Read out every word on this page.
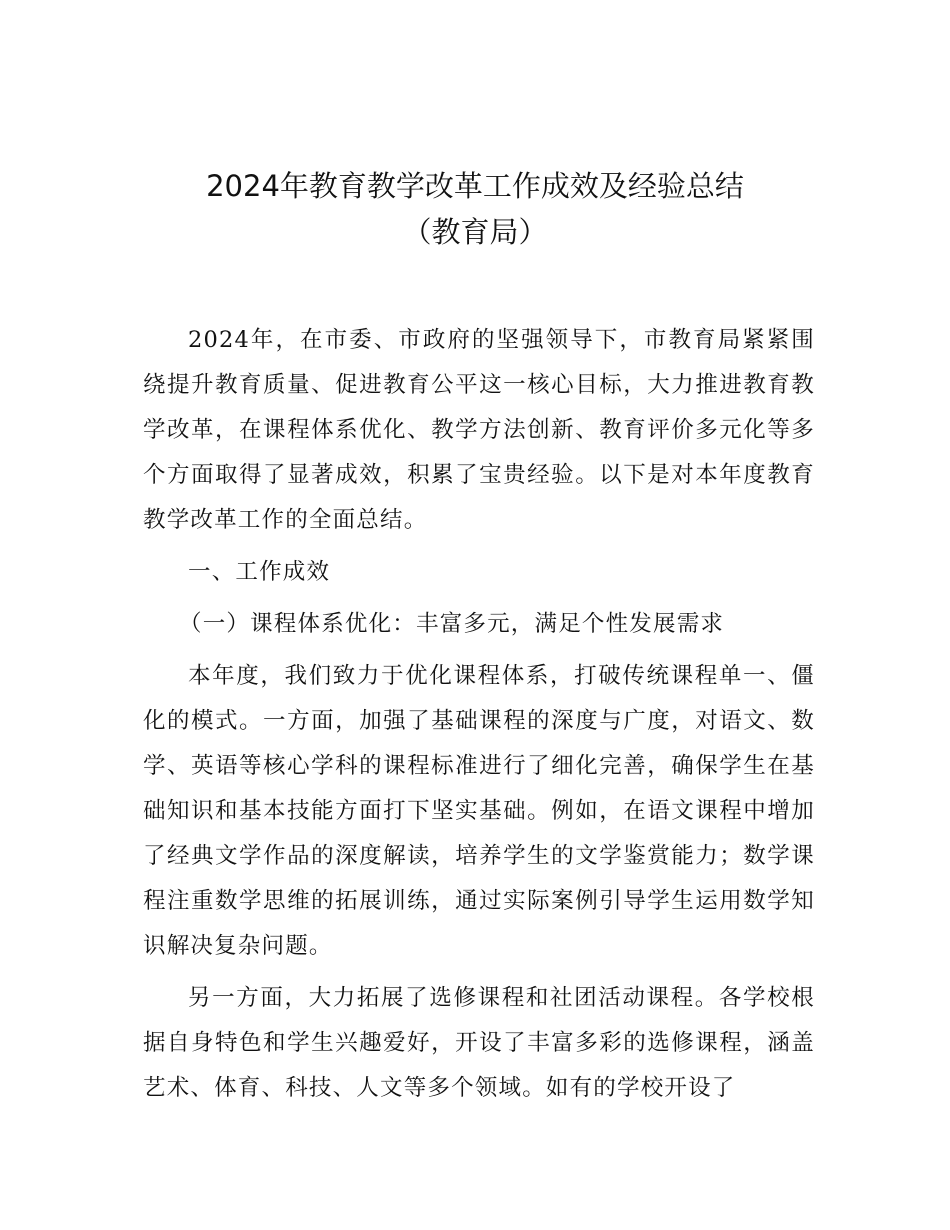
2024年教育教学改革工作成效及经验总结
（教育局）

2024年，在市委、市政府的坚强领导下，市教育局紧紧围绕提升教育质量、促进教育公平这一核心目标，大力推进教育教学改革，在课程体系优化、教学方法创新、教育评价多元化等多个方面取得了显著成效，积累了宝贵经验。以下是对本年度教育教学改革工作的全面总结。

一、工作成效

（一）课程体系优化：丰富多元，满足个性发展需求

本年度，我们致力于优化课程体系，打破传统课程单一、僵化的模式。一方面，加强了基础课程的深度与广度，对语文、数学、英语等核心学科的课程标准进行了细化完善，确保学生在基础知识和基本技能方面打下坚实基础。例如，在语文课程中增加了经典文学作品的深度解读，培养学生的文学鉴赏能力；数学课程注重数学思维的拓展训练，通过实际案例引导学生运用数学知识解决复杂问题。

另一方面，大力拓展了选修课程和社团活动课程。各学校根据自身特色和学生兴趣爱好，开设了丰富多彩的选修课程，涵盖艺术、体育、科技、人文等多个领域。如有的学校开设了
